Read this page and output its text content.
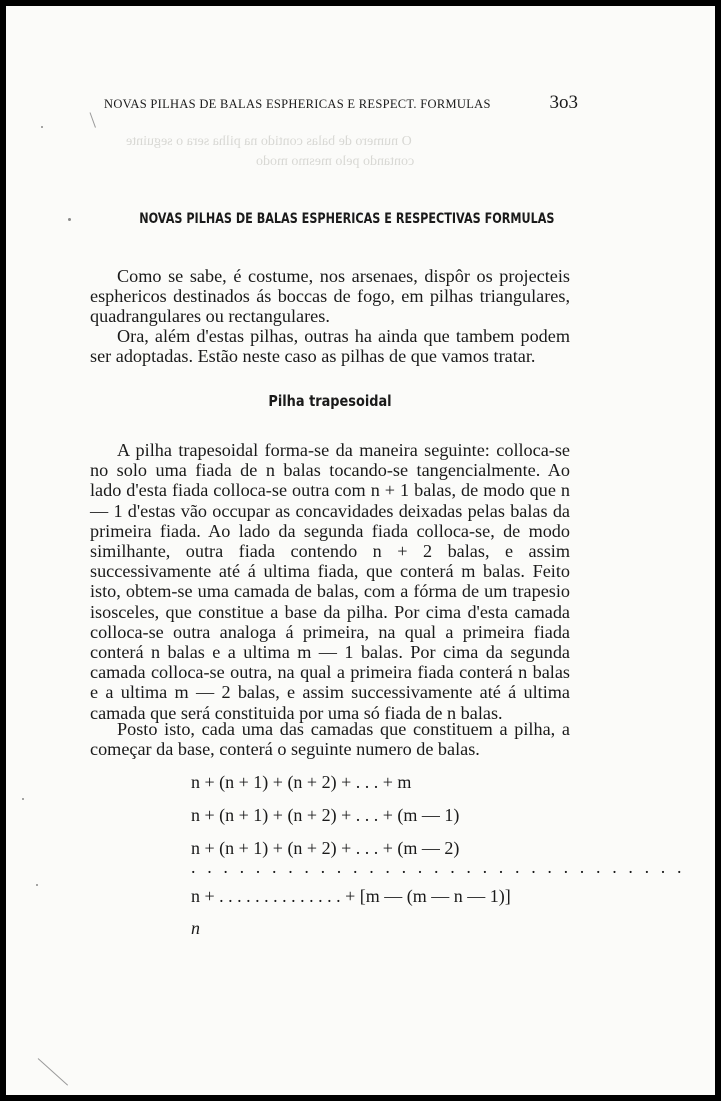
NOVAS PILHAS DE BALAS ESPHERICAS E RESPECT. FORMULAS	3o3
O numero de balas contido na pilha sera o seguinte
contando pelo mesmo modo
NOVAS PILHAS DE BALAS ESPHERICAS E RESPECTIVAS FORMULAS
Como se sabe, é costume, nos arsenaes, dispôr os projecteis esphericos destinados ás boccas de fogo, em pilhas triangulares, quadrangulares ou rectangulares.
Ora, além d'estas pilhas, outras ha ainda que tambem podem ser adoptadas. Estão neste caso as pilhas de que vamos tratar.
Pilha trapesoidal
A pilha trapesoidal forma-se da maneira seguinte: colloca-se no solo uma fiada de n balas tocando-se tangencialmente. Ao lado d'esta fiada colloca-se outra com n + 1 balas, de modo que n — 1 d'estas vão occupar as concavidades deixadas pelas balas da primeira fiada. Ao lado da segunda fiada colloca-se, de modo similhante, outra fiada contendo n + 2 balas, e assim successivamente até á ultima fiada, que conterá m balas. Feito isto, obtem-se uma camada de balas, com a fórma de um trapesio isosceles, que constitue a base da pilha. Por cima d'esta camada colloca-se outra analoga á primeira, na qual a primeira fiada conterá n balas e a ultima m — 1 balas. Por cima da segunda camada colloca-se outra, na qual a primeira fiada conterá n balas e a ultima m — 2 balas, e assim successivamente até á ultima camada que será constituida por uma só fiada de n balas.
Posto isto, cada uma das camadas que constituem a pilha, a começar da base, conterá o seguinte numero de balas.
n + (n + 1) + (n + 2) + . . . + m
n + (n + 1) + (n + 2) + . . . + (m — 1)
n + (n + 1) + (n + 2) + . . . + (m — 2)
. . . . . . . . . . . . . . . . . . . . . . . . . . . . . . .
n + . . . . . . . . . . . . . . + [m — (m — n — 1)]
n
